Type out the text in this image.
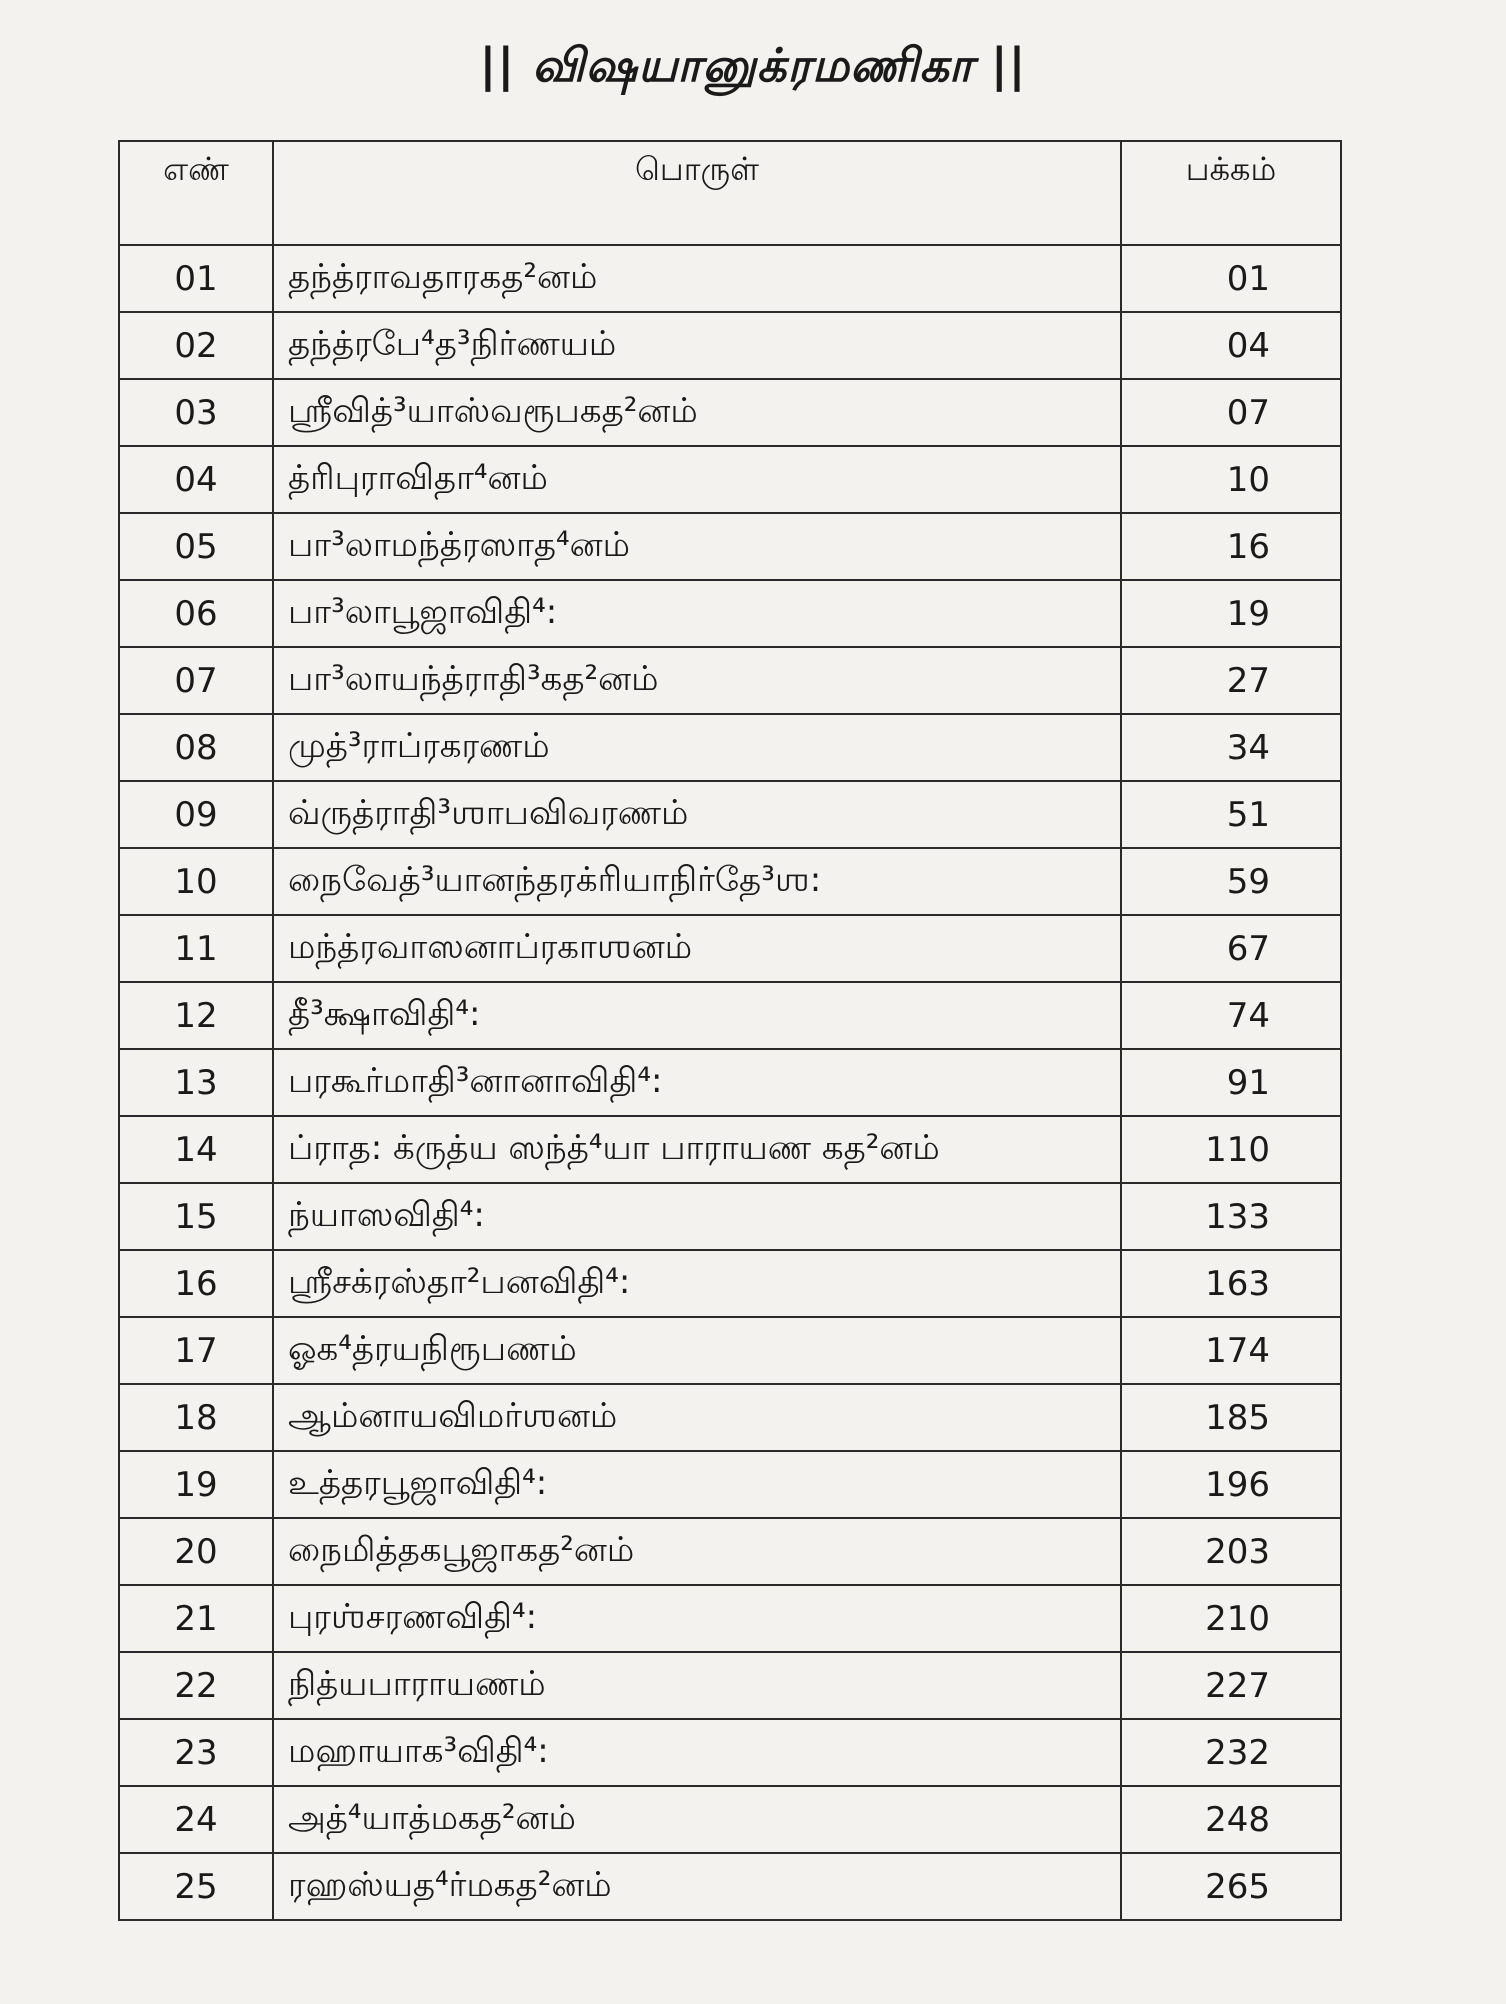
|| விஷயானுக்ரமணிகா ||
எண்	பொருள்	பக்கம்
01	தந்த்ராவதாரகத²னம்	01
02	தந்த்ரபே⁴த³நிர்ணயம்	04
03	ஸ்ரீவித்³யாஸ்வரூபகத²னம்	07
04	த்ரிபுராவிதா⁴னம்	10
05	பா³லாமந்த்ரஸாத⁴னம்	16
06	பா³லாபூஜாவிதி⁴:	19
07	பா³லாயந்த்ராதி³கத²னம்	27
08	முத்³ராப்ரகரணம்	34
09	வ்ருத்ராதி³ஶாபவிவரணம்	51
10	நைவேத்³யானந்தரக்ரியாநிர்தே³ஶ:	59
11	மந்த்ரவாஸனாப்ரகாஶனம்	67
12	தீ³க்ஷாவிதி⁴:	74
13	பரகூர்மாதி³னானாவிதி⁴:	91
14	ப்ராத: க்ருத்ய ஸந்த்⁴யா பாராயண கத²னம்	110
15	ந்யாஸவிதி⁴:	133
16	ஸ்ரீசக்ரஸ்தா²பனவிதி⁴:	163
17	ஓக⁴த்ரயநிரூபணம்	174
18	ஆம்னாயவிமர்ஶனம்	185
19	உத்தரபூஜாவிதி⁴:	196
20	நைமித்தகபூஜாகத²னம்	203
21	புரஶ்சரணவிதி⁴:	210
22	நித்யபாராயணம்	227
23	மஹாயாக³விதி⁴:	232
24	அத்⁴யாத்மகத²னம்	248
25	ரஹஸ்யத⁴ர்மகத²னம்	265
